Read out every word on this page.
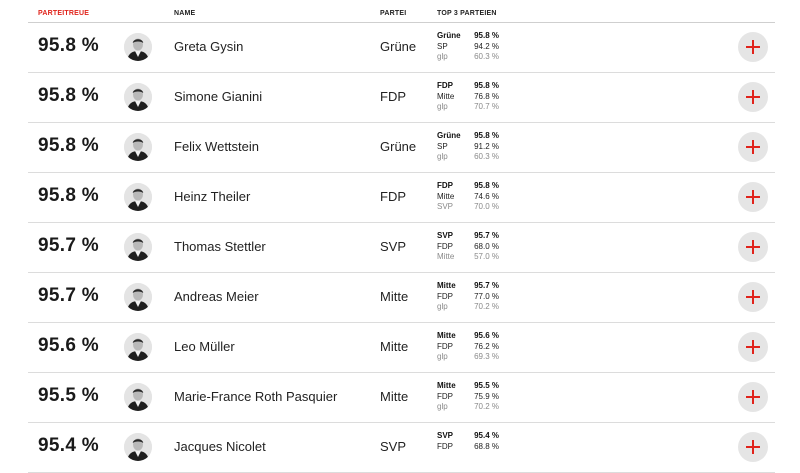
PARTEITREUE	NAME	PARTEI	TOP 3 PARTEIEN
95.8 %	Greta Gysin	Grüne
Grüne 95.8 %
SP	94.2 %
glp	60.3 %
95.8 %	Simone Gianini	FDP
FDP	95.8 %
Mitte 76.8 %
glp	70.7 %
95.8 %	Felix Wettstein	Grüne
Grüne 95.8 %
SP	91.2 %
glp	60.3 %
95.8 %	Heinz Theiler	FDP
FDP	95.8 %
Mitte 74.6 %
SVP	70.0 %
95.7 %	Thomas Stettler	SVP
SVP	95.7 %
FDP	68.0 %
Mitte 57.0 %
95.7 %	Andreas Meier	Mitte
Mitte 95.7 %
FDP	77.0 %
glp	70.2 %
95.6 %	Leo Müller	Mitte
Mitte 95.6 %
FDP	76.2 %
glp	69.3 %
95.5 %	Marie-France Roth Pasquier	Mitte
Mitte 95.5 %
FDP	75.9 %
glp	70.2 %
95.4 %	Jacques Nicolet	SVP
SVP	95.4 %
FDP	68.8 %
